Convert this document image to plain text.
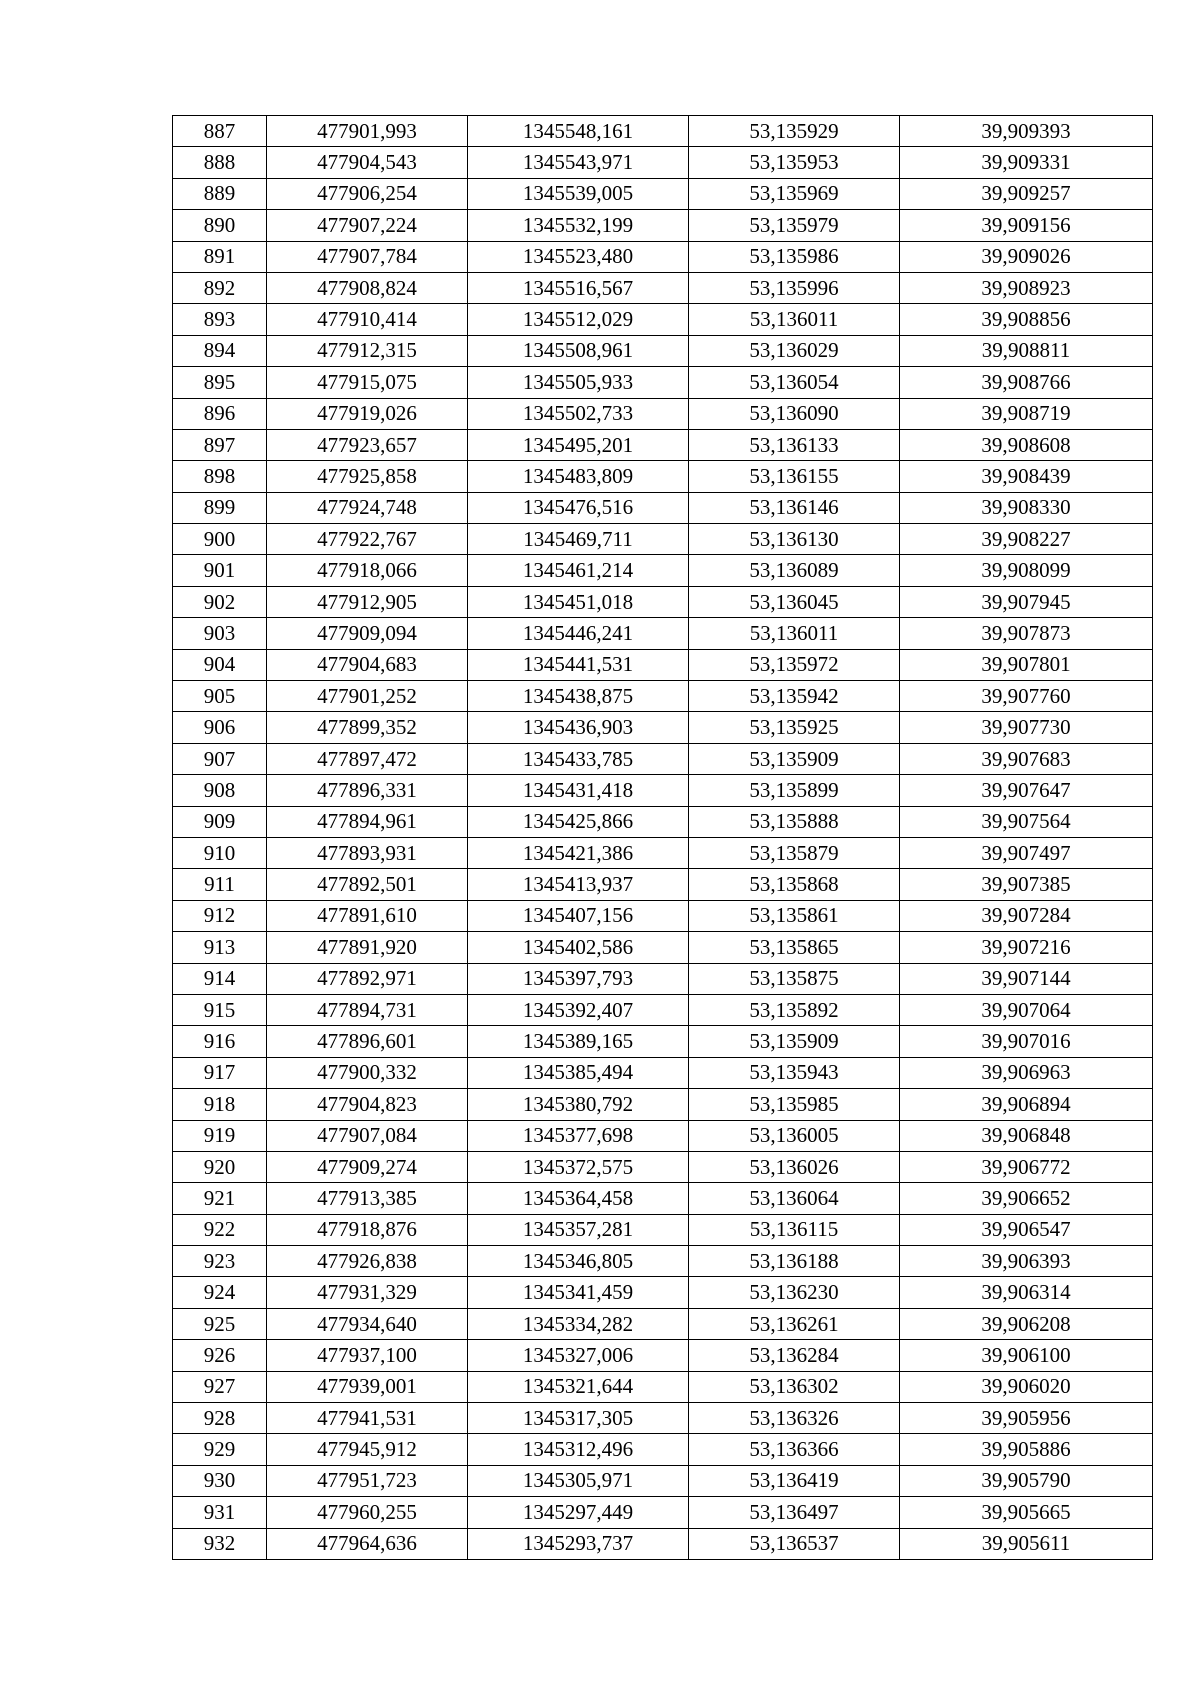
887	477901,993	1345548,161	53,135929	39,909393
888	477904,543	1345543,971	53,135953	39,909331
889	477906,254	1345539,005	53,135969	39,909257
890	477907,224	1345532,199	53,135979	39,909156
891	477907,784	1345523,480	53,135986	39,909026
892	477908,824	1345516,567	53,135996	39,908923
893	477910,414	1345512,029	53,136011	39,908856
894	477912,315	1345508,961	53,136029	39,908811
895	477915,075	1345505,933	53,136054	39,908766
896	477919,026	1345502,733	53,136090	39,908719
897	477923,657	1345495,201	53,136133	39,908608
898	477925,858	1345483,809	53,136155	39,908439
899	477924,748	1345476,516	53,136146	39,908330
900	477922,767	1345469,711	53,136130	39,908227
901	477918,066	1345461,214	53,136089	39,908099
902	477912,905	1345451,018	53,136045	39,907945
903	477909,094	1345446,241	53,136011	39,907873
904	477904,683	1345441,531	53,135972	39,907801
905	477901,252	1345438,875	53,135942	39,907760
906	477899,352	1345436,903	53,135925	39,907730
907	477897,472	1345433,785	53,135909	39,907683
908	477896,331	1345431,418	53,135899	39,907647
909	477894,961	1345425,866	53,135888	39,907564
910	477893,931	1345421,386	53,135879	39,907497
911	477892,501	1345413,937	53,135868	39,907385
912	477891,610	1345407,156	53,135861	39,907284
913	477891,920	1345402,586	53,135865	39,907216
914	477892,971	1345397,793	53,135875	39,907144
915	477894,731	1345392,407	53,135892	39,907064
916	477896,601	1345389,165	53,135909	39,907016
917	477900,332	1345385,494	53,135943	39,906963
918	477904,823	1345380,792	53,135985	39,906894
919	477907,084	1345377,698	53,136005	39,906848
920	477909,274	1345372,575	53,136026	39,906772
921	477913,385	1345364,458	53,136064	39,906652
922	477918,876	1345357,281	53,136115	39,906547
923	477926,838	1345346,805	53,136188	39,906393
924	477931,329	1345341,459	53,136230	39,906314
925	477934,640	1345334,282	53,136261	39,906208
926	477937,100	1345327,006	53,136284	39,906100
927	477939,001	1345321,644	53,136302	39,906020
928	477941,531	1345317,305	53,136326	39,905956
929	477945,912	1345312,496	53,136366	39,905886
930	477951,723	1345305,971	53,136419	39,905790
931	477960,255	1345297,449	53,136497	39,905665
932	477964,636	1345293,737	53,136537	39,905611
